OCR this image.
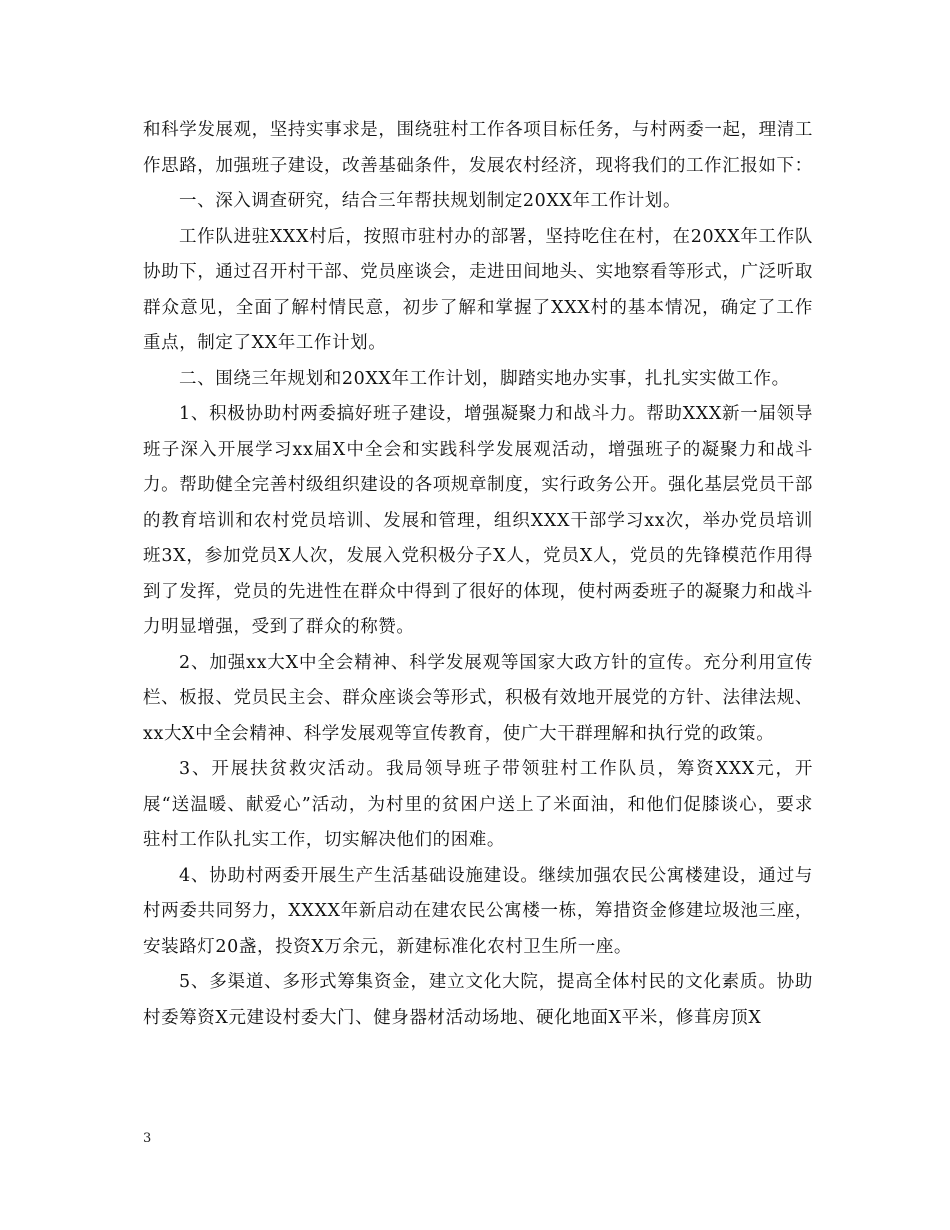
和科学发展观，坚持实事求是，围绕驻村工作各项目标任务，与村两委一起，理清工作思路，加强班子建设，改善基础条件，发展农村经济，现将我们的工作汇报如下：

一、深入调查研究，结合三年帮扶规划制定20XX年工作计划。

工作队进驻XXX村后，按照市驻村办的部署，坚持吃住在村，在20XX年工作队协助下，通过召开村干部、党员座谈会，走进田间地头、实地察看等形式，广泛听取群众意见，全面了解村情民意，初步了解和掌握了XXX村的基本情况，确定了工作重点，制定了XX年工作计划。

二、围绕三年规划和20XX年工作计划，脚踏实地办实事，扎扎实实做工作。

1、积极协助村两委搞好班子建设，增强凝聚力和战斗力。帮助XXX新一届领导班子深入开展学习xx届X中全会和实践科学发展观活动，增强班子的凝聚力和战斗力。帮助健全完善村级组织建设的各项规章制度，实行政务公开。强化基层党员干部的教育培训和农村党员培训、发展和管理，组织XXX干部学习xx次，举办党员培训班3X，参加党员X人次，发展入党积极分子X人，党员X人，党员的先锋模范作用得到了发挥，党员的先进性在群众中得到了很好的体现，使村两委班子的凝聚力和战斗力明显增强，受到了群众的称赞。

2、加强xx大X中全会精神、科学发展观等国家大政方针的宣传。充分利用宣传栏、板报、党员民主会、群众座谈会等形式，积极有效地开展党的方针、法律法规、xx大X中全会精神、科学发展观等宣传教育，使广大干群理解和执行党的政策。

3、开展扶贫救灾活动。我局领导班子带领驻村工作队员，筹资XXX元，开展“送温暖、献爱心”活动，为村里的贫困户送上了米面油，和他们促膝谈心，要求驻村工作队扎实工作，切实解决他们的困难。

4、协助村两委开展生产生活基础设施建设。继续加强农民公寓楼建设，通过与村两委共同努力，XXXX年新启动在建农民公寓楼一栋，筹措资金修建垃圾池三座，安装路灯20盏，投资X万余元，新建标准化农村卫生所一座。

5、多渠道、多形式筹集资金，建立文化大院，提高全体村民的文化素质。协助村委筹资X元建设村委大门、健身器材活动场地、硬化地面X平米，修葺房顶X

3
